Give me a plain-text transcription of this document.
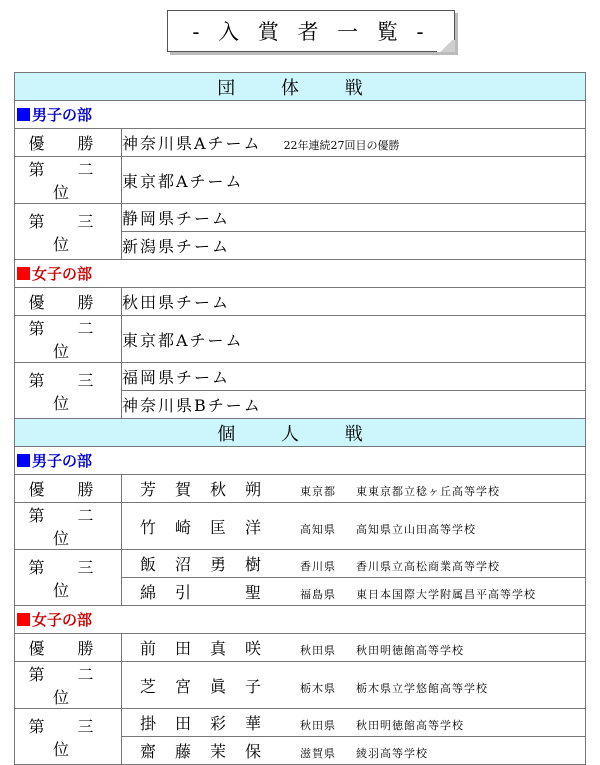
- 入 賞 者 一 覧 -
団 体 戦	
男子の部	
優 勝	神奈川県Aチーム 22年連続27回目の優勝
第 二 位	東京都Aチーム
第 三 位	静岡県チーム
	新潟県チーム
女子の部	
優 勝	秋田県チーム
第 二 位	東京都Aチーム
第 三 位	福岡県チーム
	神奈川県Bチーム
個 人 戦	
男子の部	
優 勝	芳賀秋朔 東京都 東東京都立稔ヶ丘高等学校
第 二 位	竹崎匡洋 高知県 高知県立山田高等学校
第 三 位	飯沼勇樹 香川県 香川県立高松商業高等学校
	綿引　聖 福島県 東日本国際大学附属昌平高等学校
女子の部	
優 勝	前田真咲 秋田県 秋田明徳館高等学校
第 二 位	芝宮眞子 栃木県 栃木県立学悠館高等学校
第 三 位	掛田彩華 秋田県 秋田明徳館高等学校
	齋藤茉保 滋賀県 綾羽高等学校
